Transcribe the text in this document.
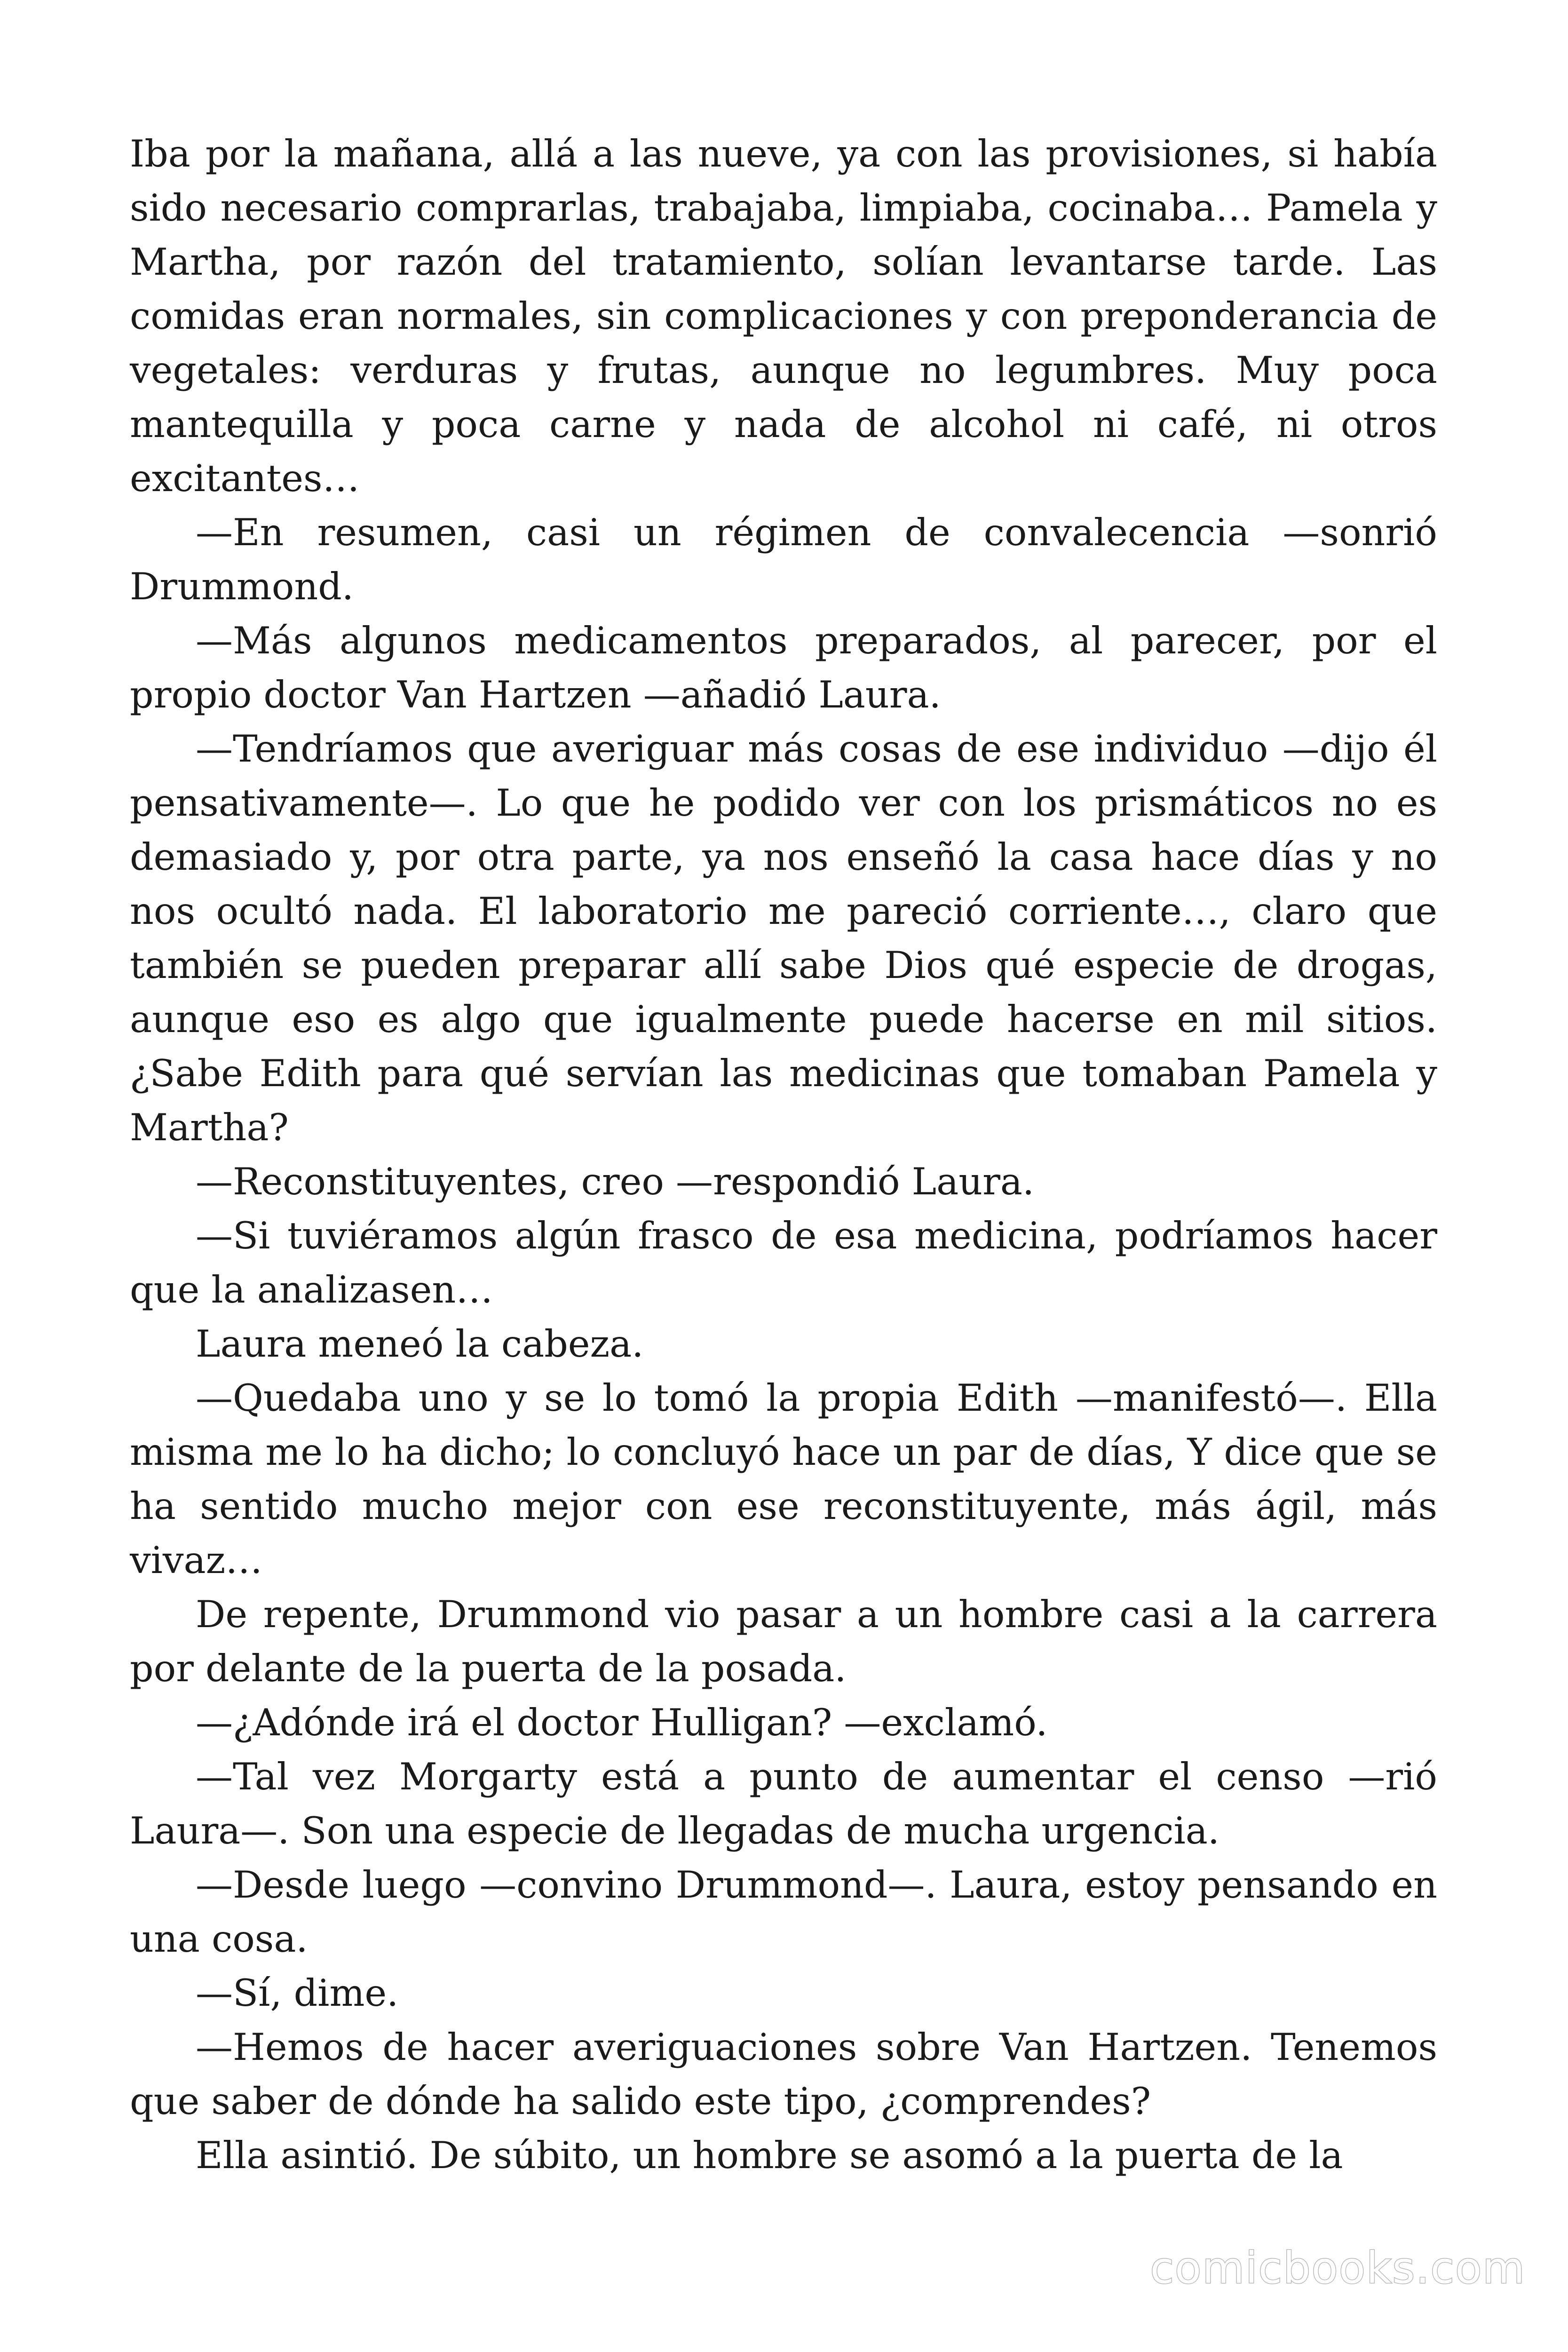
Iba por la mañana, allá a las nueve, ya con las provisiones, si había sido necesario comprarlas, trabajaba, limpiaba, cocinaba… Pamela y Martha, por razón del tratamiento, solían levantarse tarde. Las comidas eran normales, sin complicaciones y con preponderancia de vegetales: verduras y frutas, aunque no legumbres. Muy poca mantequilla y poca carne y nada de alcohol ni café, ni otros excitantes…

—En resumen, casi un régimen de convalecencia —sonrió Drummond.

—Más algunos medicamentos preparados, al parecer, por el propio doctor Van Hartzen —añadió Laura.

—Tendríamos que averiguar más cosas de ese individuo —dijo él pensativamente—. Lo que he podido ver con los prismáticos no es demasiado y, por otra parte, ya nos enseñó la casa hace días y no nos ocultó nada. El laboratorio me pareció corriente…, claro que también se pueden preparar allí sabe Dios qué especie de drogas, aunque eso es algo que igualmente puede hacerse en mil sitios. ¿Sabe Edith para qué servían las medicinas que tomaban Pamela y Martha?

—Reconstituyentes, creo —respondió Laura.

—Si tuviéramos algún frasco de esa medicina, podríamos hacer que la analizasen…

Laura meneó la cabeza.

—Quedaba uno y se lo tomó la propia Edith —manifestó—. Ella misma me lo ha dicho; lo concluyó hace un par de días, Y dice que se ha sentido mucho mejor con ese reconstituyente, más ágil, más vivaz…

De repente, Drummond vio pasar a un hombre casi a la carrera por delante de la puerta de la posada.

—¿Adónde irá el doctor Hulligan? —exclamó.

—Tal vez Morgarty está a punto de aumentar el censo —rió Laura—. Son una especie de llegadas de mucha urgencia.

—Desde luego —convino Drummond—. Laura, estoy pensando en una cosa.

—Sí, dime.

—Hemos de hacer averiguaciones sobre Van Hartzen. Tenemos que saber de dónde ha salido este tipo, ¿comprendes?

Ella asintió. De súbito, un hombre se asomó a la puerta de la

comicbooks.com
